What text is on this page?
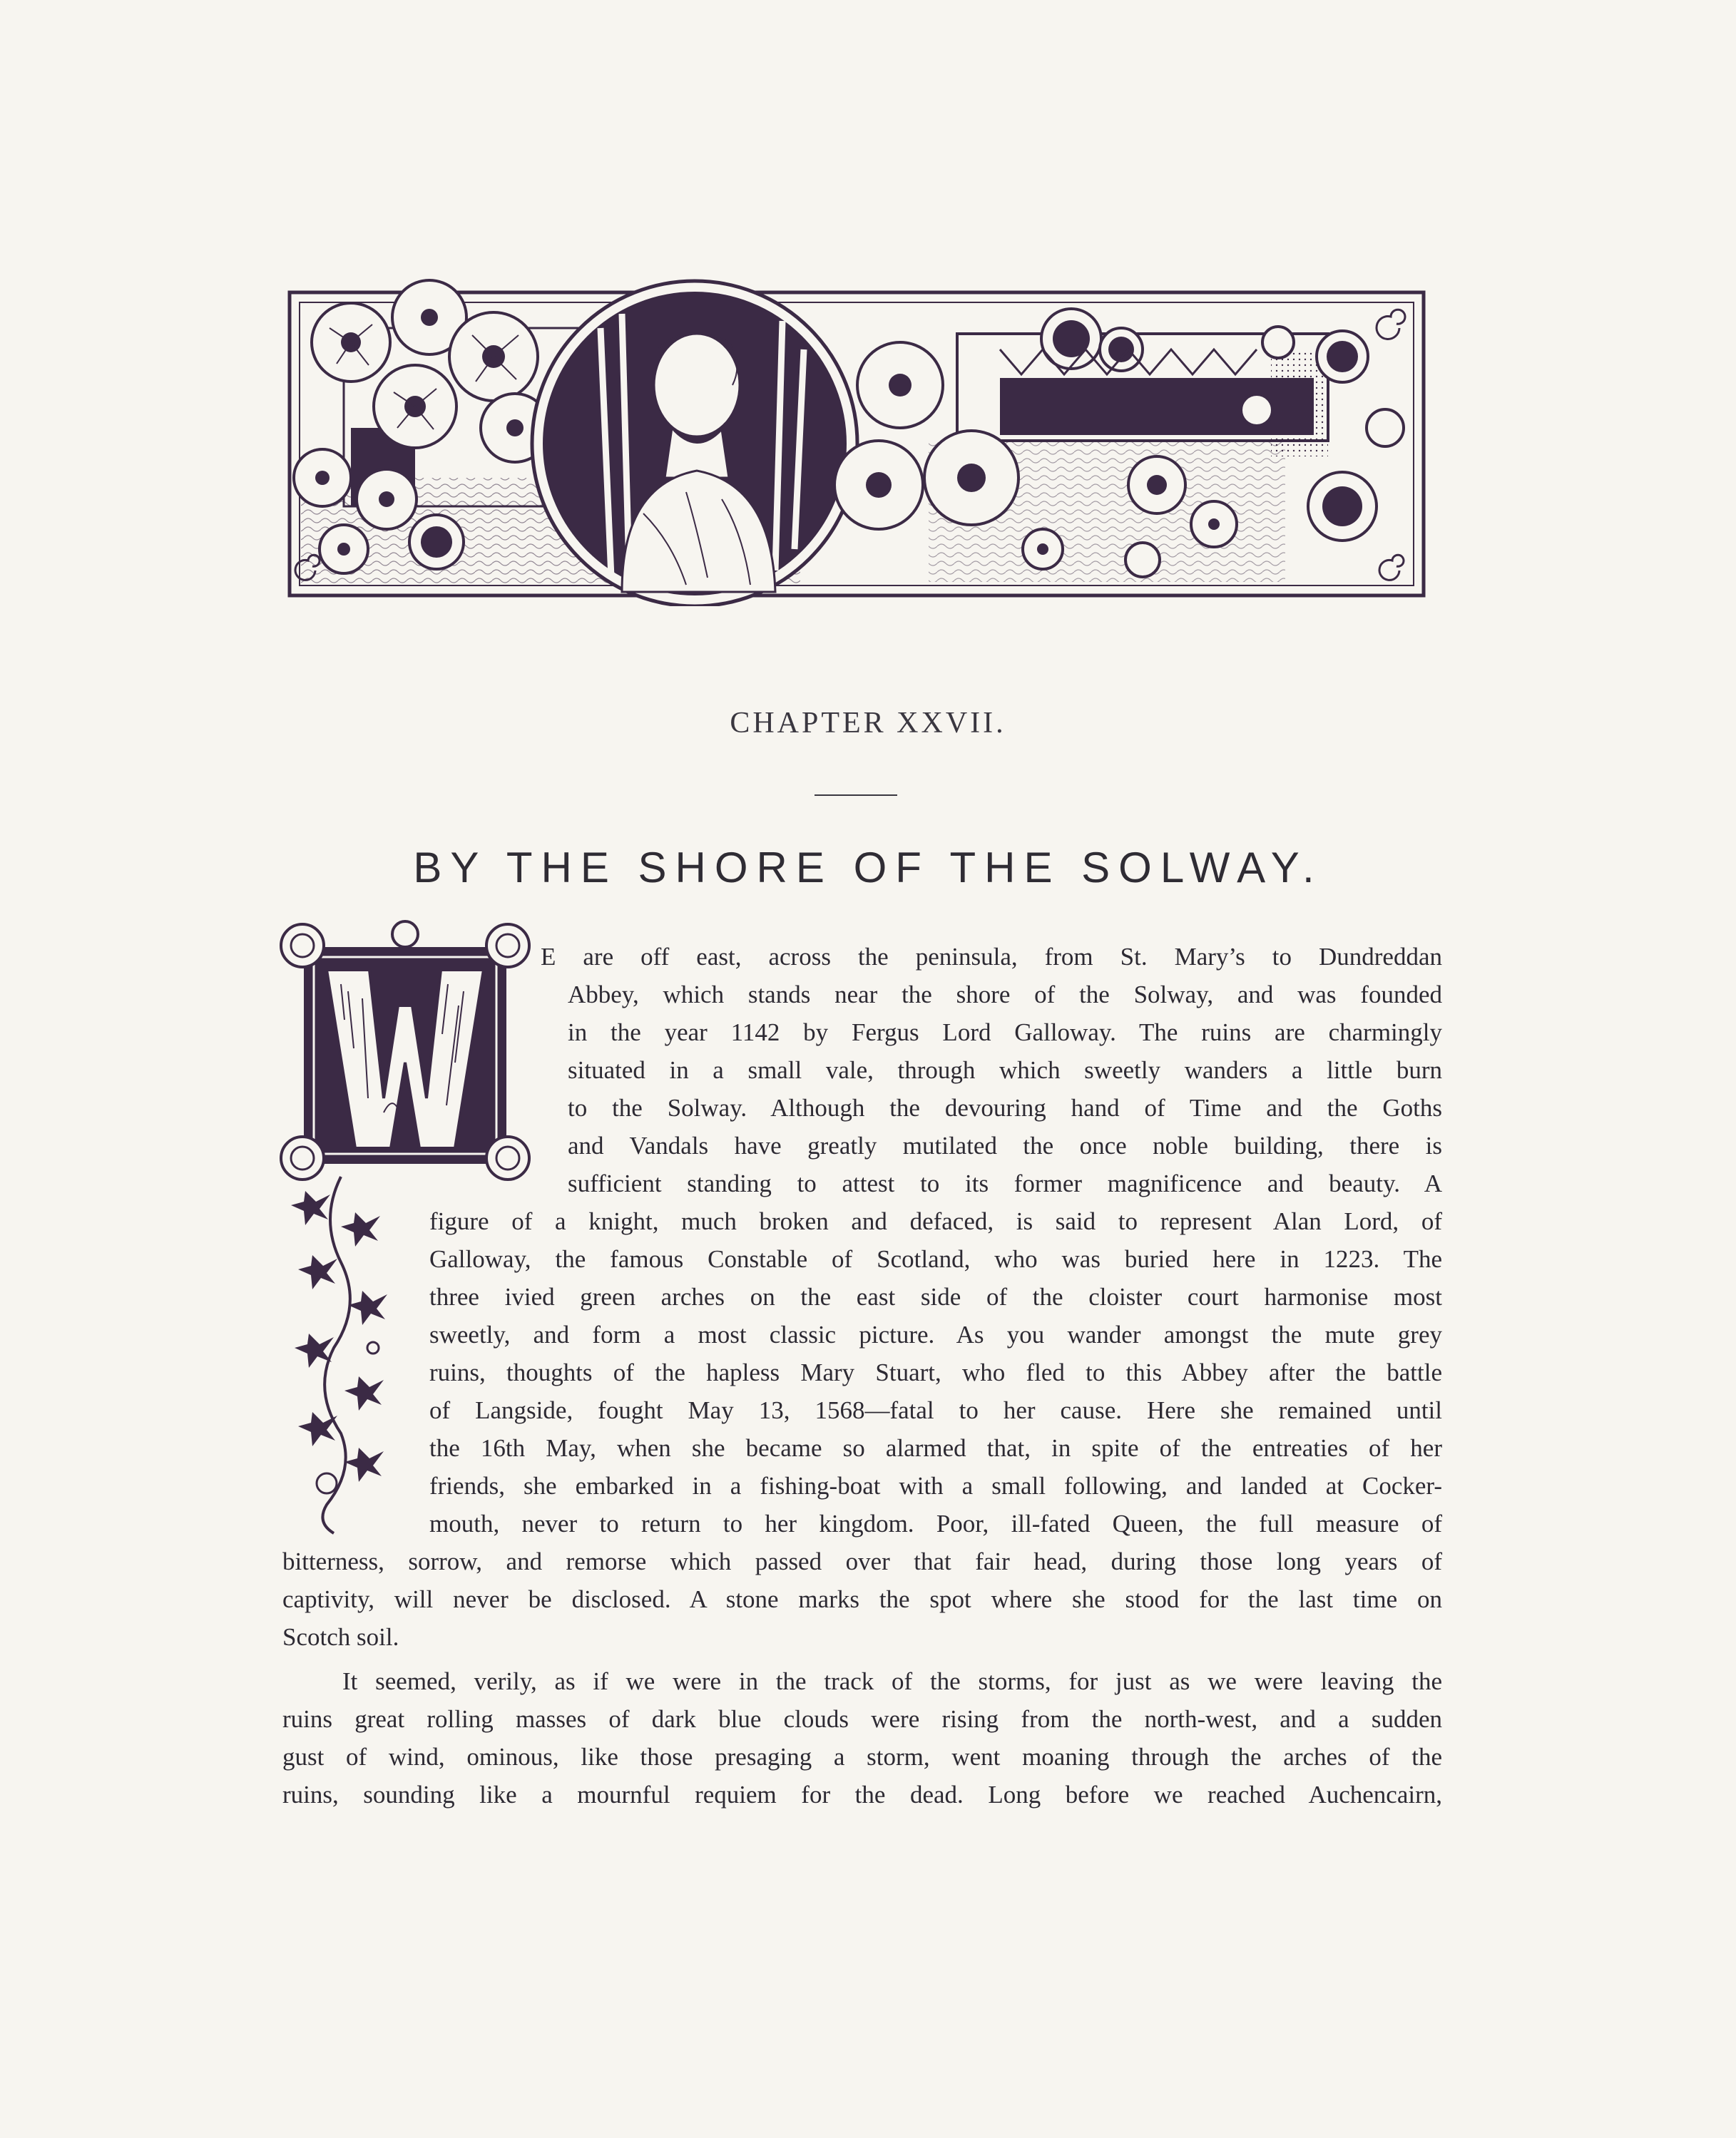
CHAPTER XXVII.
BY THE SHORE OF THE SOLWAY.
E are off east, across the peninsula, from St. Mary’s to Dundreddan
Abbey, which stands near the shore of the Solway, and was founded
in the year 1142 by Fergus Lord Galloway. The ruins are charmingly
situated in a small vale, through which sweetly wanders a little burn
to the Solway. Although the devouring hand of Time and the Goths
and Vandals have greatly mutilated the once noble building, there is
sufficient standing to attest to its former magnificence and beauty. A
figure of a knight, much broken and defaced, is said to represent Alan Lord, of
Galloway, the famous Constable of Scotland, who was buried here in 1223. The
three ivied green arches on the east side of the cloister court harmonise most
sweetly, and form a most classic picture. As you wander amongst the mute grey
ruins, thoughts of the hapless Mary Stuart, who fled to this Abbey after the battle
of Langside, fought May 13, 1568—fatal to her cause. Here she remained until
the 16th May, when she became so alarmed that, in spite of the entreaties of her
friends, she embarked in a fishing-boat with a small following, and landed at Cocker-
mouth, never to return to her kingdom. Poor, ill-fated Queen, the full measure of
bitterness, sorrow, and remorse which passed over that fair head, during those long years of
captivity, will never be disclosed. A stone marks the spot where she stood for the last time on
Scotch soil.
It seemed, verily, as if we were in the track of the storms, for just as we were leaving the
ruins great rolling masses of dark blue clouds were rising from the north-west, and a sudden
gust of wind, ominous, like those presaging a storm, went moaning through the arches of the
ruins, sounding like a mournful requiem for the dead. Long before we reached Auchencairn,
